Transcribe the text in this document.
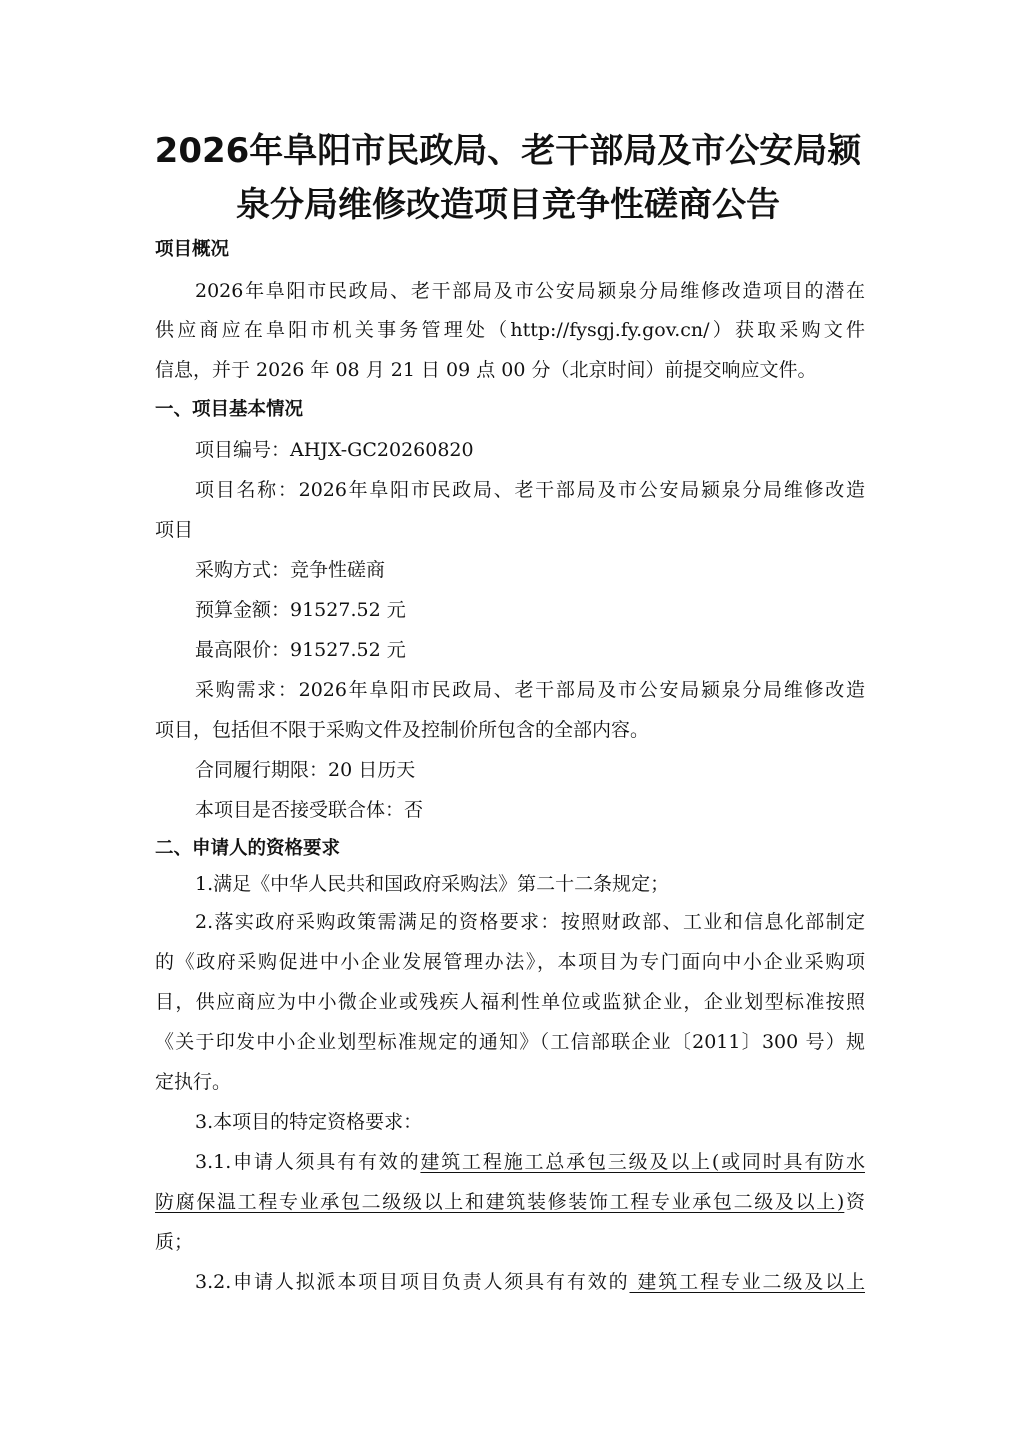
2026年阜阳市民政局、老干部局及市公安局颍
泉分局维修改造项目竞争性磋商公告

项目概况

2026年阜阳市民政局、老干部局及市公安局颍泉分局维修改造项目的潜在

供应商应在阜阳市机关事务管理处（http://fysgj.fy.gov.cn/）获取采购文件

信息，并于 2026 年 08 月 21 日 09 点 00 分（北京时间）前提交响应文件。

一、项目基本情况

项目编号：AHJX-GC20260820

项目名称：2026年阜阳市民政局、老干部局及市公安局颍泉分局维修改造

项目

采购方式：竞争性磋商

预算金额：91527.52 元

最高限价：91527.52 元

采购需求：2026年阜阳市民政局、老干部局及市公安局颍泉分局维修改造

项目，包括但不限于采购文件及控制价所包含的全部内容。

合同履行期限：20 日历天

本项目是否接受联合体：否

二、申请人的资格要求

1.满足《中华人民共和国政府采购法》第二十二条规定；

2.落实政府采购政策需满足的资格要求：按照财政部、工业和信息化部制定

的《政府采购促进中小企业发展管理办法》，本项目为专门面向中小企业采购项

目，供应商应为中小微企业或残疾人福利性单位或监狱企业，企业划型标准按照

《关于印发中小企业划型标准规定的通知》（工信部联企业〔2011〕300 号）规

定执行。

3.本项目的特定资格要求：

3.1.申请人须具有有效的建筑工程施工总承包三级及以上(或同时具有防水

防腐保温工程专业承包二级级以上和建筑装修装饰工程专业承包二级及以上)资

质；

3.2.申请人拟派本项目项目负责人须具有有效的 建筑工程专业二级及以上
